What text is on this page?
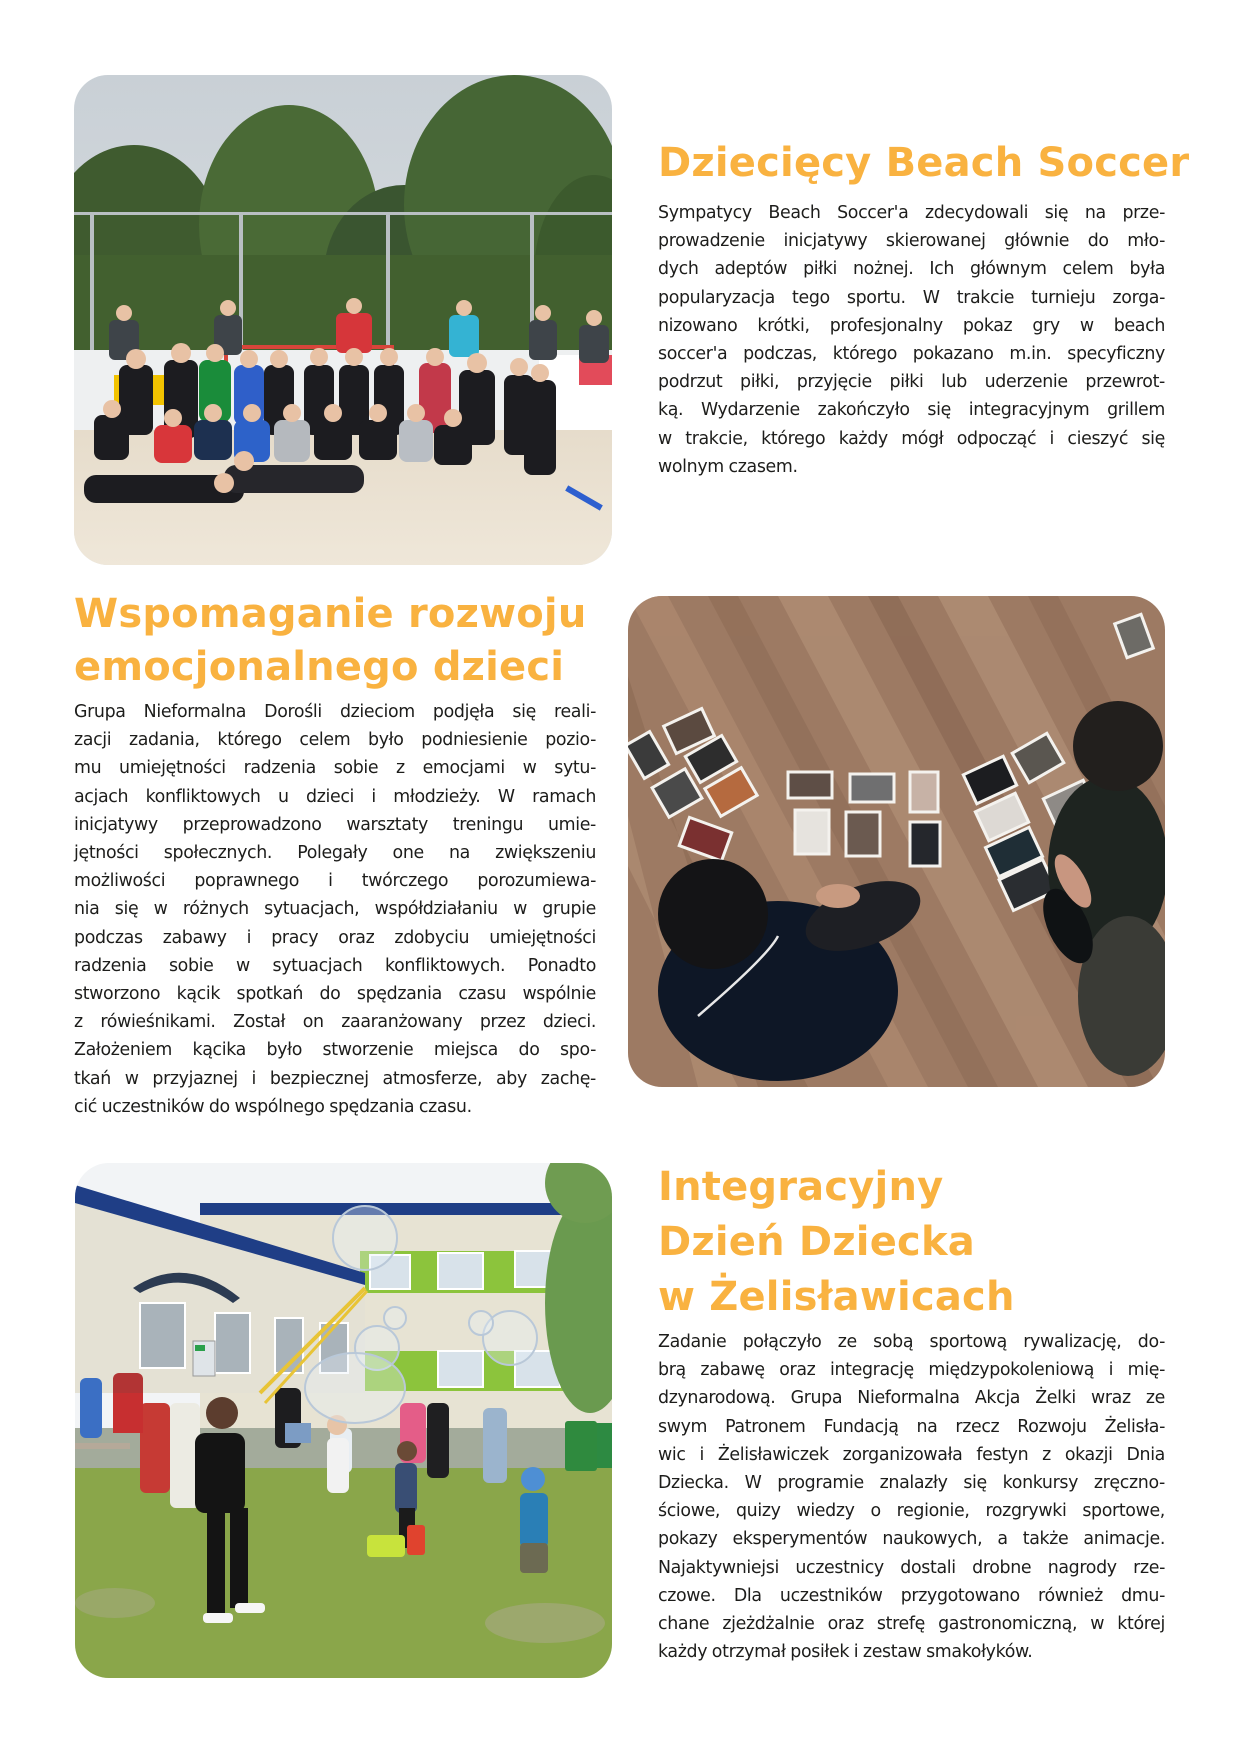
Dziecięcy Beach Soccer
Sympatycy Beach Soccer'a zdecydowali się na prze-
prowadzenie inicjatywy skierowanej głównie do mło-
dych adeptów piłki nożnej. Ich głównym celem była
popularyzacja tego sportu. W trakcie turnieju zorga-
nizowano krótki, profesjonalny pokaz gry w beach
soccer'a podczas, którego pokazano m.in. specyficzny
podrzut piłki, przyjęcie piłki lub uderzenie przewrot-
ką. Wydarzenie zakończyło się integracyjnym grillem
w trakcie, którego każdy mógł odpocząć i cieszyć się
wolnym czasem.
Wspomaganie rozwoju
emocjonalnego dzieci
Grupa Nieformalna Dorośli dzieciom podjęła się reali-
zacji zadania, którego celem było podniesienie pozio-
mu umiejętności radzenia sobie z emocjami w sytu-
acjach konfliktowych u dzieci i młodzieży. W ramach
inicjatywy przeprowadzono warsztaty treningu umie-
jętności społecznych. Polegały one na zwiększeniu
możliwości poprawnego i twórczego porozumiewa-
nia się w różnych sytuacjach, współdziałaniu w grupie
podczas zabawy i pracy oraz zdobyciu umiejętności
radzenia sobie w sytuacjach konfliktowych. Ponadto
stworzono kącik spotkań do spędzania czasu wspólnie
z rówieśnikami. Został on zaaranżowany przez dzieci.
Założeniem kącika było stworzenie miejsca do spo-
tkań w przyjaznej i bezpiecznej atmosferze, aby zachę-
cić uczestników do wspólnego spędzania czasu.
Integracyjny
Dzień Dziecka
w Żelisławicach
Zadanie połączyło ze sobą sportową rywalizację, do-
brą zabawę oraz integrację międzypokoleniową i mię-
dzynarodową. Grupa Nieformalna Akcja Żelki wraz ze
swym Patronem Fundacją na rzecz Rozwoju Żelisła-
wic i Żelisławiczek zorganizowała festyn z okazji Dnia
Dziecka. W programie znalazły się konkursy zręczno-
ściowe, quizy wiedzy o regionie, rozgrywki sportowe,
pokazy eksperymentów naukowych, a także animacje.
Najaktywniejsi uczestnicy dostali drobne nagrody rze-
czowe. Dla uczestników przygotowano również dmu-
chane zjeżdżalnie oraz strefę gastronomiczną, w której
każdy otrzymał posiłek i zestaw smakołyków.
